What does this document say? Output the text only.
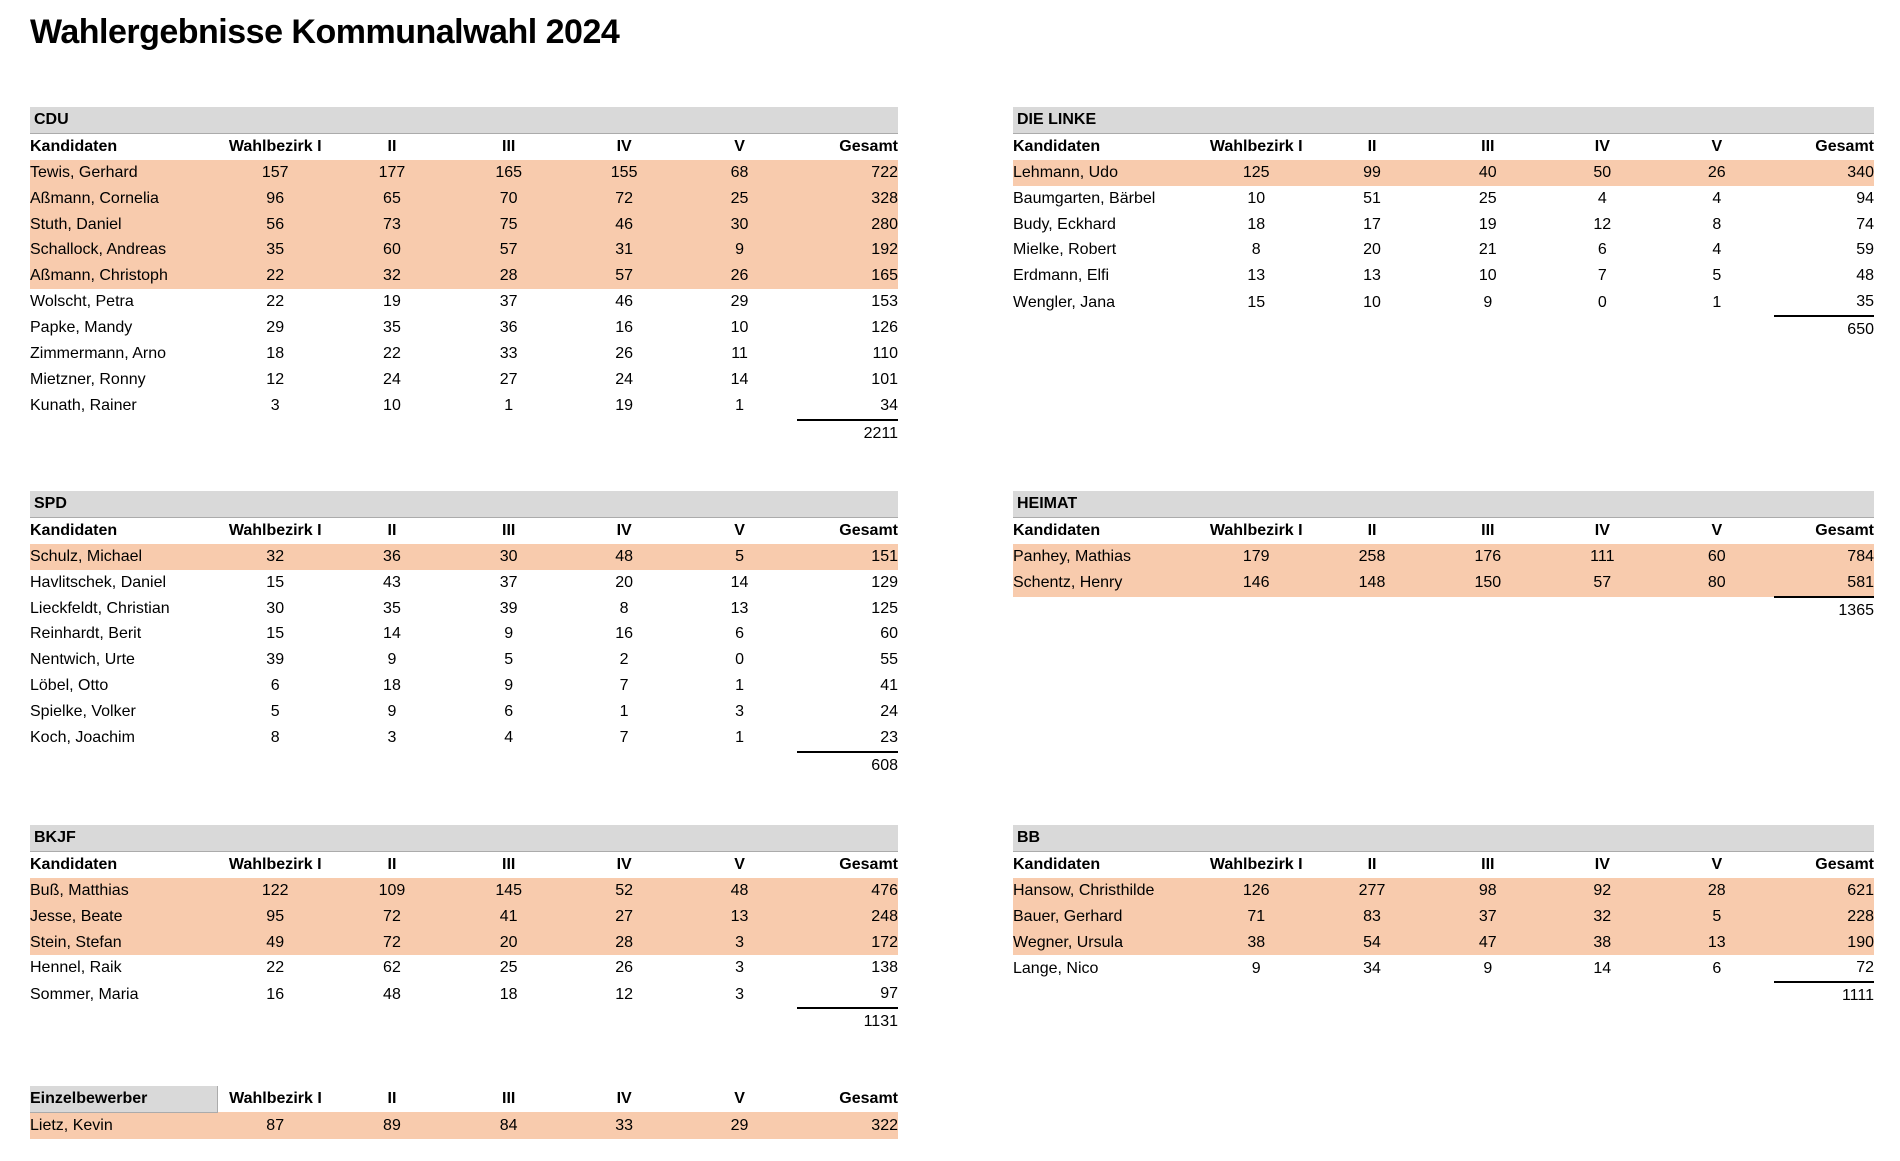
Wahlergebnisse Kommunalwahl 2024
CDU						
Kandidaten	Wahlbezirk I	II	III	IV	V	Gesamt
Tewis, Gerhard	157	177	165	155	68	722
Aßmann, Cornelia	96	65	70	72	25	328
Stuth, Daniel	56	73	75	46	30	280
Schallock, Andreas	35	60	57	31	9	192
Aßmann, Christoph	22	32	28	57	26	165
Wolscht, Petra	22	19	37	46	29	153
Papke, Mandy	29	35	36	16	10	126
Zimmermann, Arno	18	22	33	26	11	110
Mietzner, Ronny	12	24	27	24	14	101
Kunath, Rainer	3	10	1	19	1	34
						2211
DIE LINKE						
Kandidaten	Wahlbezirk I	II	III	IV	V	Gesamt
Lehmann, Udo	125	99	40	50	26	340
Baumgarten, Bärbel	10	51	25	4	4	94
Budy, Eckhard	18	17	19	12	8	74
Mielke, Robert	8	20	21	6	4	59
Erdmann, Elfi	13	13	10	7	5	48
Wengler, Jana	15	10	9	0	1	35
						650
SPD						
Kandidaten	Wahlbezirk I	II	III	IV	V	Gesamt
Schulz, Michael	32	36	30	48	5	151
Havlitschek, Daniel	15	43	37	20	14	129
Lieckfeldt, Christian	30	35	39	8	13	125
Reinhardt, Berit	15	14	9	16	6	60
Nentwich, Urte	39	9	5	2	0	55
Löbel, Otto	6	18	9	7	1	41
Spielke, Volker	5	9	6	1	3	24
Koch, Joachim	8	3	4	7	1	23
						608
HEIMAT						
Kandidaten	Wahlbezirk I	II	III	IV	V	Gesamt
Panhey, Mathias	179	258	176	111	60	784
Schentz, Henry	146	148	150	57	80	581
						1365
BKJF						
Kandidaten	Wahlbezirk I	II	III	IV	V	Gesamt
Buß, Matthias	122	109	145	52	48	476
Jesse, Beate	95	72	41	27	13	248
Stein, Stefan	49	72	20	28	3	172
Hennel, Raik	22	62	25	26	3	138
Sommer, Maria	16	48	18	12	3	97
						1131
BB						
Kandidaten	Wahlbezirk I	II	III	IV	V	Gesamt
Hansow, Christhilde	126	277	98	92	28	621
Bauer, Gerhard	71	83	37	32	5	228
Wegner, Ursula	38	54	47	38	13	190
Lange, Nico	9	34	9	14	6	72
						1111
Einzelbewerber	Wahlbezirk I	II	III	IV	V	Gesamt
Lietz, Kevin	87	89	84	33	29	322
